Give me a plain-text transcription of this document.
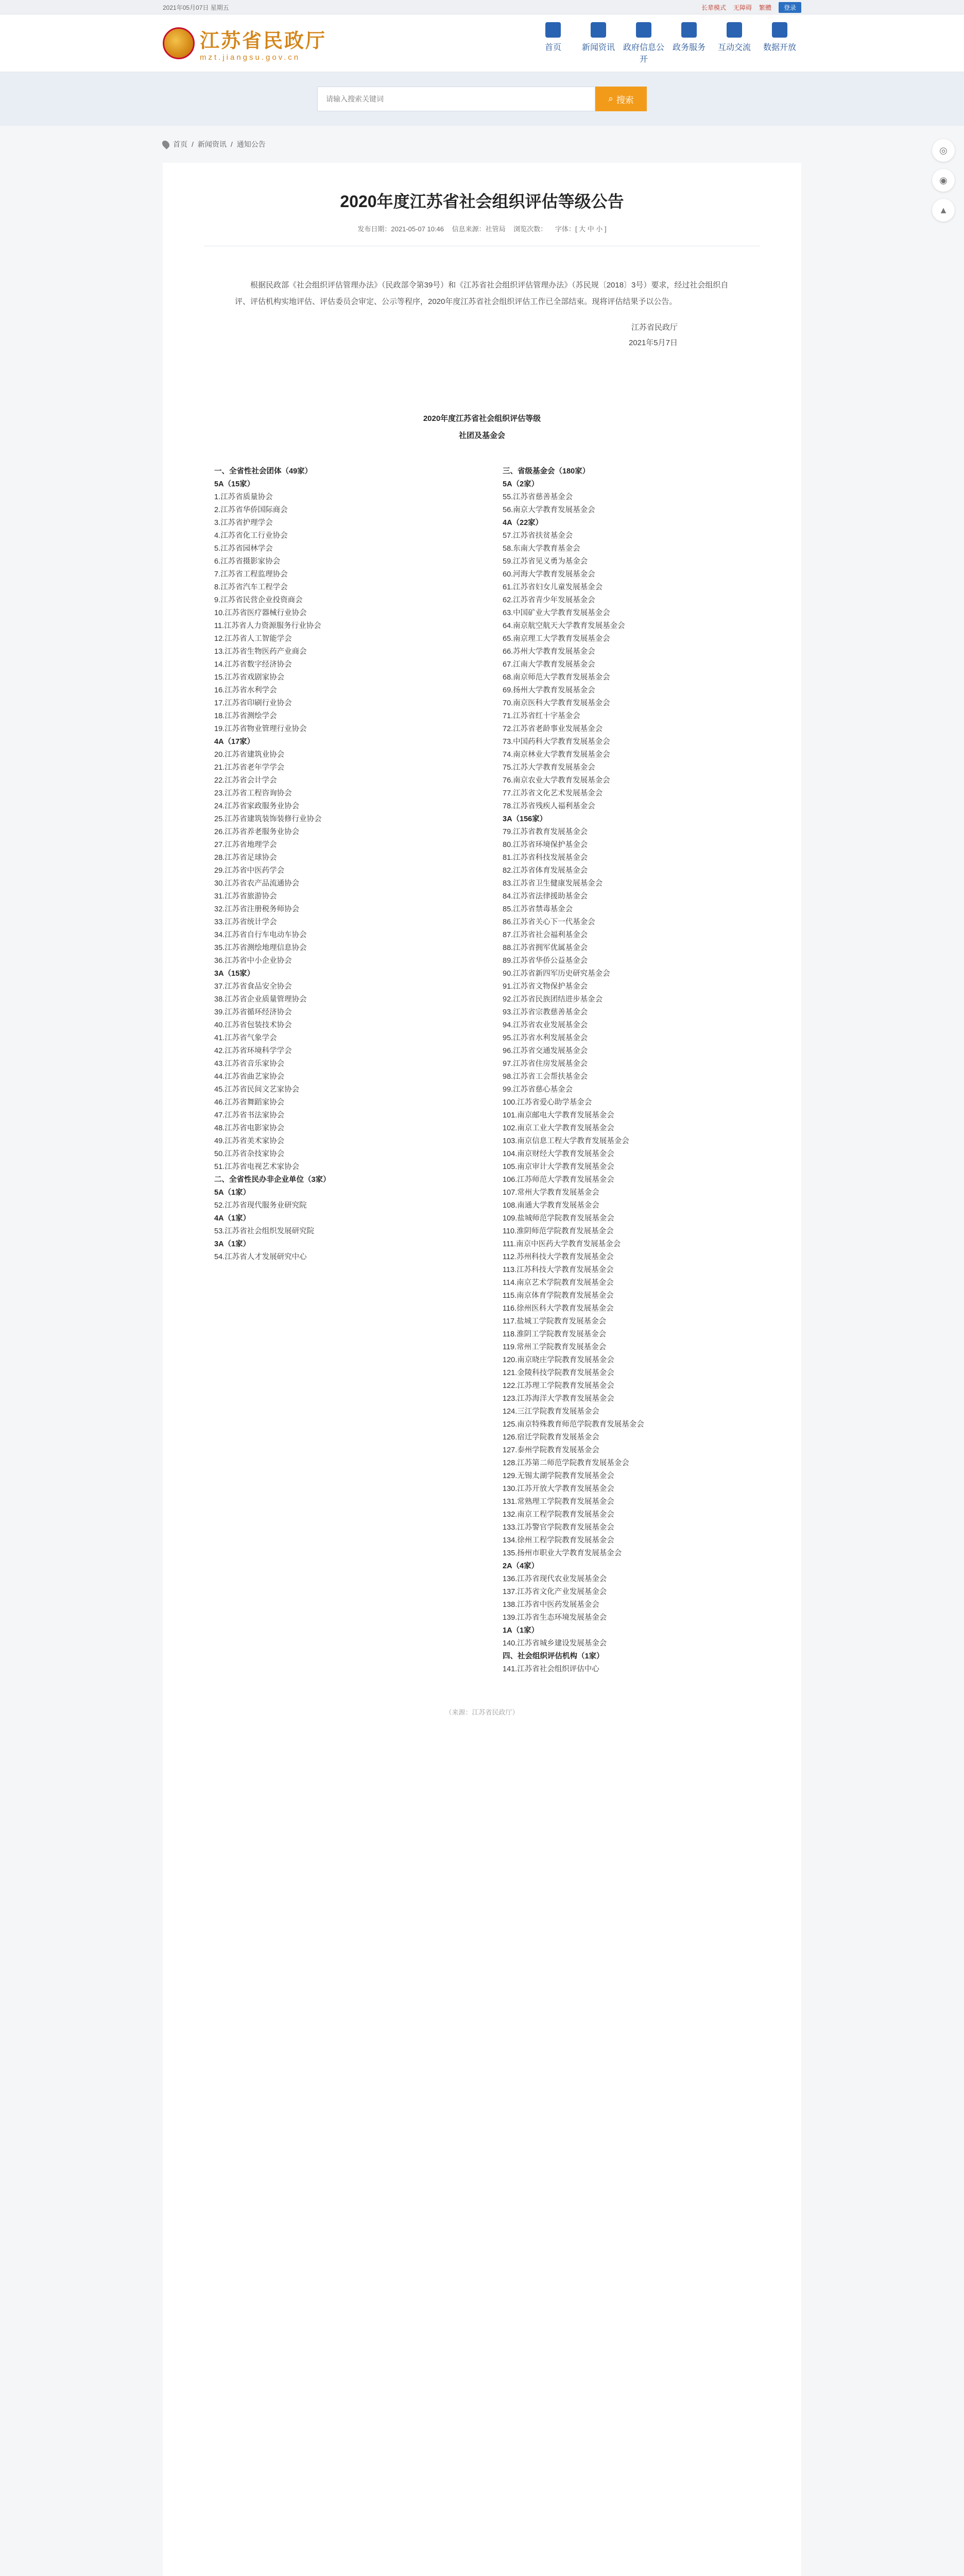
2021年05月07日 星期五	长辈模式 无障碍 繁體	登录
江苏省民政厅
mzt.jiangsu.gov.cn
首页	新闻资讯 政府信息公开
政务服务	互动交流	数据开放
请输入搜索关键词
⌕ 搜索
首页 / 新闻资讯 / 通知公告
2020年度江苏省社会组织评估等级公告
发布日期：2021-05-07 10:46 信息来源：社管局 浏览次数： 字体：[ 大 中 小 ]

根据民政部《社会组织评估管理办法》（民政部令第39号）和《江苏省社会组织评估管理办法》（苏民规〔2018〕3号）要求，经过社会组织自评、评估机构实地评估、评估委员会审定、公示等程序，2020年度江苏省社会组织评估工作已全部结束。现将评估结果予以公告。

江苏省民政厅
2021年5月7日
2020年度江苏省社会组织评估等级
社团及基金会
一、全省性社会团体（49家）
5A（15家）
1.江苏省质量协会
2.江苏省华侨国际商会
3.江苏省护理学会
4.江苏省化工行业协会
5.江苏省园林学会
6.江苏省摄影家协会
7.江苏省工程监理协会
8.江苏省汽车工程学会
9.江苏省民营企业投资商会
10.江苏省医疗器械行业协会
11.江苏省人力资源服务行业协会
12.江苏省人工智能学会
13.江苏省生物医药产业商会
14.江苏省数字经济协会
15.江苏省戏剧家协会
16.江苏省水利学会
17.江苏省印刷行业协会
18.江苏省测绘学会
19.江苏省物业管理行业协会
4A（17家）
20.江苏省建筑业协会
21.江苏省老年学学会
22.江苏省会计学会
23.江苏省工程咨询协会
24.江苏省家政服务业协会
25.江苏省建筑装饰装修行业协会
26.江苏省养老服务业协会
27.江苏省地理学会
28.江苏省足球协会
29.江苏省中医药学会
30.江苏省农产品流通协会
31.江苏省旅游协会
32.江苏省注册税务师协会
33.江苏省统计学会
34.江苏省自行车电动车协会
35.江苏省测绘地理信息协会
36.江苏省中小企业协会
3A（15家）
37.江苏省食品安全协会
38.江苏省企业质量管理协会
39.江苏省循环经济协会
40.江苏省包装技术协会
41.江苏省气象学会
42.江苏省环境科学学会
43.江苏省音乐家协会
44.江苏省曲艺家协会
45.江苏省民间文艺家协会
46.江苏省舞蹈家协会
47.江苏省书法家协会
48.江苏省电影家协会
49.江苏省美术家协会
50.江苏省杂技家协会
51.江苏省电视艺术家协会
二、全省性民办非企业单位（3家）
5A（1家）
52.江苏省现代服务业研究院
4A（1家）
53.江苏省社会组织发展研究院
3A（1家）
54.江苏省人才发展研究中心
三、省级基金会（180家）
5A（2家）
55.江苏省慈善基金会
56.南京大学教育发展基金会
4A（22家）
57.江苏省扶贫基金会
58.东南大学教育基金会
59.江苏省见义勇为基金会
60.河海大学教育发展基金会
61.江苏省妇女儿童发展基金会
62.江苏省青少年发展基金会
63.中国矿业大学教育发展基金会
64.南京航空航天大学教育发展基金会
65.南京理工大学教育发展基金会
66.苏州大学教育发展基金会
67.江南大学教育发展基金会
68.南京师范大学教育发展基金会
69.扬州大学教育发展基金会
70.南京医科大学教育发展基金会
71.江苏省红十字基金会
72.江苏省老龄事业发展基金会
73.中国药科大学教育发展基金会
74.南京林业大学教育发展基金会
75.江苏大学教育发展基金会
76.南京农业大学教育发展基金会
77.江苏省文化艺术发展基金会
78.江苏省残疾人福利基金会
3A（156家）
79.江苏省教育发展基金会
80.江苏省环境保护基金会
81.江苏省科技发展基金会
82.江苏省体育发展基金会
83.江苏省卫生健康发展基金会
84.江苏省法律援助基金会
85.江苏省禁毒基金会
86.江苏省关心下一代基金会
87.江苏省社会福利基金会
88.江苏省拥军优属基金会
89.江苏省华侨公益基金会
90.江苏省新四军历史研究基金会
91.江苏省文物保护基金会
92.江苏省民族团结进步基金会
93.江苏省宗教慈善基金会
94.江苏省农业发展基金会
95.江苏省水利发展基金会
96.江苏省交通发展基金会
97.江苏省住房发展基金会
98.江苏省工会帮扶基金会
99.江苏省慈心基金会
100.江苏省爱心助学基金会
101.南京邮电大学教育发展基金会
102.南京工业大学教育发展基金会
103.南京信息工程大学教育发展基金会
104.南京财经大学教育发展基金会
105.南京审计大学教育发展基金会
106.江苏师范大学教育发展基金会
107.常州大学教育发展基金会
108.南通大学教育发展基金会
109.盐城师范学院教育发展基金会
110.淮阴师范学院教育发展基金会
111.南京中医药大学教育发展基金会
112.苏州科技大学教育发展基金会
113.江苏科技大学教育发展基金会
114.南京艺术学院教育发展基金会
115.南京体育学院教育发展基金会
116.徐州医科大学教育发展基金会
117.盐城工学院教育发展基金会
118.淮阴工学院教育发展基金会
119.常州工学院教育发展基金会
120.南京晓庄学院教育发展基金会
121.金陵科技学院教育发展基金会
122.江苏理工学院教育发展基金会
123.江苏海洋大学教育发展基金会
124.三江学院教育发展基金会
125.南京特殊教育师范学院教育发展基金会
126.宿迁学院教育发展基金会
127.泰州学院教育发展基金会
128.江苏第二师范学院教育发展基金会
129.无锡太湖学院教育发展基金会
130.江苏开放大学教育发展基金会
131.常熟理工学院教育发展基金会
132.南京工程学院教育发展基金会
133.江苏警官学院教育发展基金会
134.徐州工程学院教育发展基金会
135.扬州市职业大学教育发展基金会
2A（4家）
136.江苏省现代农业发展基金会
137.江苏省文化产业发展基金会
138.江苏省中医药发展基金会
139.江苏省生态环境发展基金会
1A（1家）
140.江苏省城乡建设发展基金会
四、社会组织评估机构（1家）
141.江苏省社会组织评估中心
（来源：江苏省民政厅）
◎
◉
▲
